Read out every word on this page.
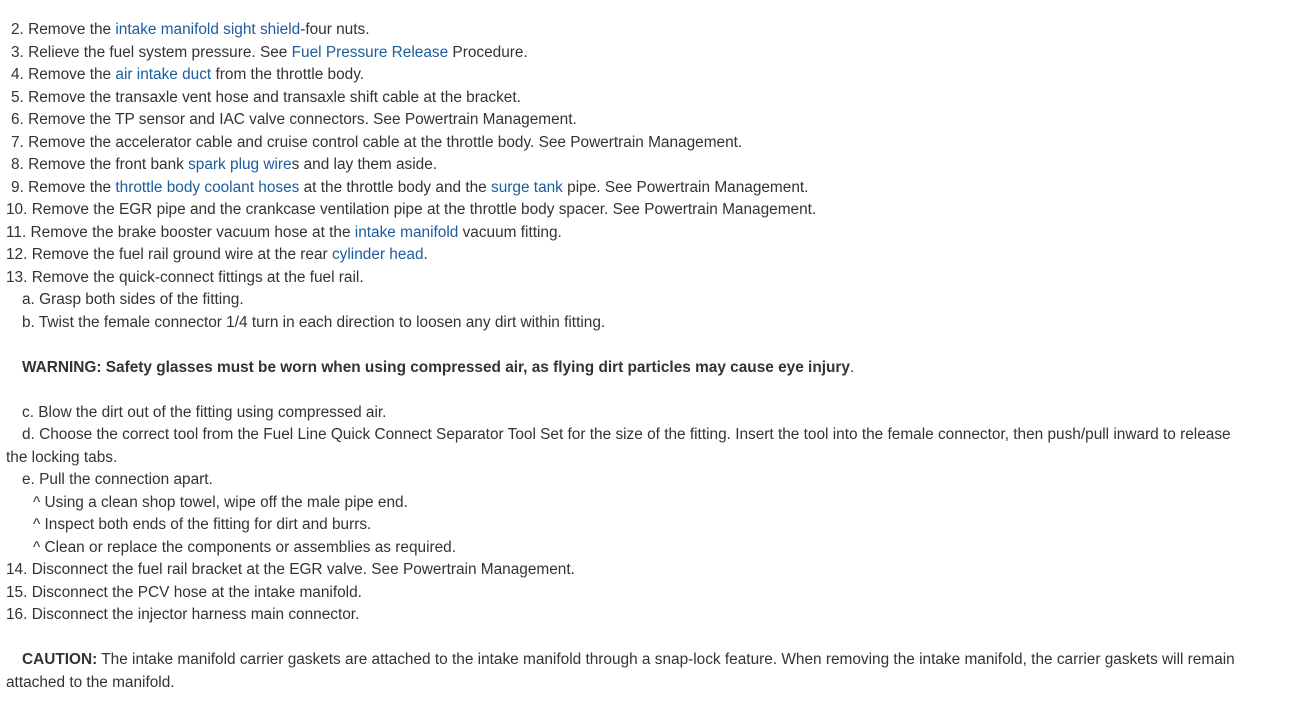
2. Remove the intake manifold sight shield-four nuts.
3. Relieve the fuel system pressure. See Fuel Pressure Release Procedure.
4. Remove the air intake duct from the throttle body.
5. Remove the transaxle vent hose and transaxle shift cable at the bracket.
6. Remove the TP sensor and IAC valve connectors. See Powertrain Management.
7. Remove the accelerator cable and cruise control cable at the throttle body. See Powertrain Management.
8. Remove the front bank spark plug wires and lay them aside.
9. Remove the throttle body coolant hoses at the throttle body and the surge tank pipe. See Powertrain Management.
10. Remove the EGR pipe and the crankcase ventilation pipe at the throttle body spacer. See Powertrain Management.
11. Remove the brake booster vacuum hose at the intake manifold vacuum fitting.
12. Remove the fuel rail ground wire at the rear cylinder head.
13. Remove the quick-connect fittings at the fuel rail.
a. Grasp both sides of the fitting.
b. Twist the female connector 1/4 turn in each direction to loosen any dirt within fitting.
WARNING: Safety glasses must be worn when using compressed air, as flying dirt particles may cause eye injury.
c. Blow the dirt out of the fitting using compressed air.
d. Choose the correct tool from the Fuel Line Quick Connect Separator Tool Set for the size of the fitting. Insert the tool into the female connector, then push/pull inward to release the locking tabs.
e. Pull the connection apart.
^ Using a clean shop towel, wipe off the male pipe end.
^ Inspect both ends of the fitting for dirt and burrs.
^ Clean or replace the components or assemblies as required.
14. Disconnect the fuel rail bracket at the EGR valve. See Powertrain Management.
15. Disconnect the PCV hose at the intake manifold.
16. Disconnect the injector harness main connector.
CAUTION: The intake manifold carrier gaskets are attached to the intake manifold through a snap-lock feature. When removing the intake manifold, the carrier gaskets will remain attached to the manifold.
